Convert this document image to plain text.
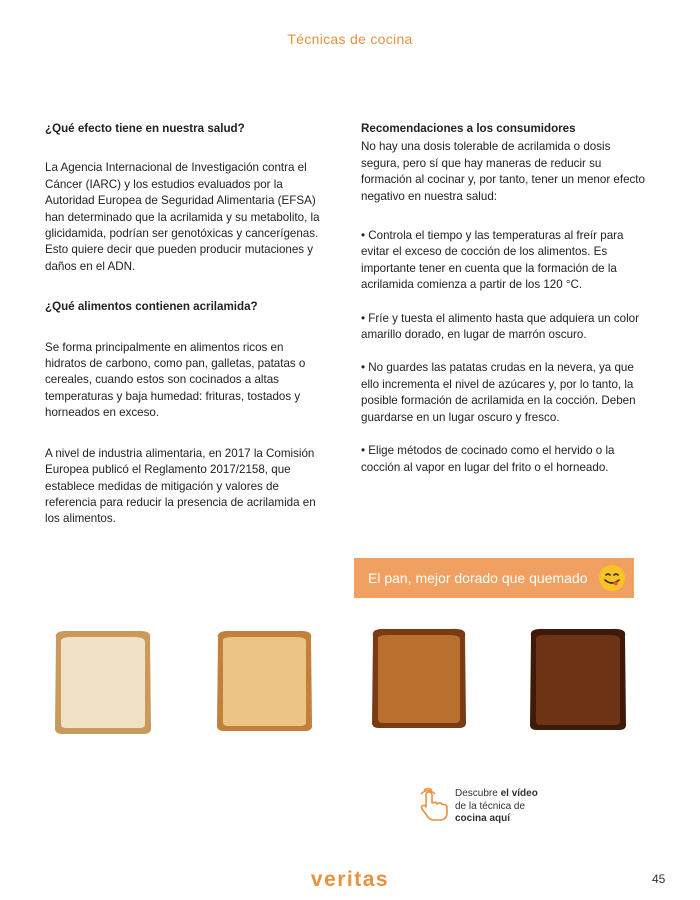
Técnicas de cocina
¿Qué efecto tiene en nuestra salud?

La Agencia Internacional de Investigación contra el Cáncer (IARC) y los estudios evaluados por la Autoridad Europea de Seguridad Alimentaria (EFSA) han determinado que la acrilamida y su metabolito, la glicidamida, podrían ser genotóxicas y cancerígenas. Esto quiere decir que pueden producir mutaciones y daños en el ADN.

¿Qué alimentos contienen acrilamida?

Se forma principalmente en alimentos ricos en hidratos de carbono, como pan, galletas, patatas o cereales, cuando estos son cocinados a altas temperaturas y baja humedad: frituras, tostados y horneados en exceso.

A nivel de industria alimentaria, en 2017 la Comisión Europea publicó el Reglamento 2017/2158, que establece medidas de mitigación y valores de referencia para reducir la presencia de acrilamida en los alimentos.

Recomendaciones a los consumidores

No hay una dosis tolerable de acrilamida o dosis segura, pero sí que hay maneras de reducir su formación al cocinar y, por tanto, tener un menor efecto negativo en nuestra salud:

• Controla el tiempo y las temperaturas al freír para evitar el exceso de cocción de los alimentos. Es importante tener en cuenta que la formación de la acrilamida comienza a partir de los 120 °C.

• Fríe y tuesta el alimento hasta que adquiera un color amarillo dorado, en lugar de marrón oscuro.

• No guardes las patatas crudas en la nevera, ya que ello incrementa el nivel de azúcares y, por lo tanto, la posible formación de acrilamida en la cocción. Deben guardarse en un lugar oscuro y fresco.

• Elige métodos de cocinado como el hervido o la cocción al vapor en lugar del frito o el horneado.

El pan, mejor dorado que quemado
Descubre el vídeo
de la técnica de
cocina aquí
veritas	45
